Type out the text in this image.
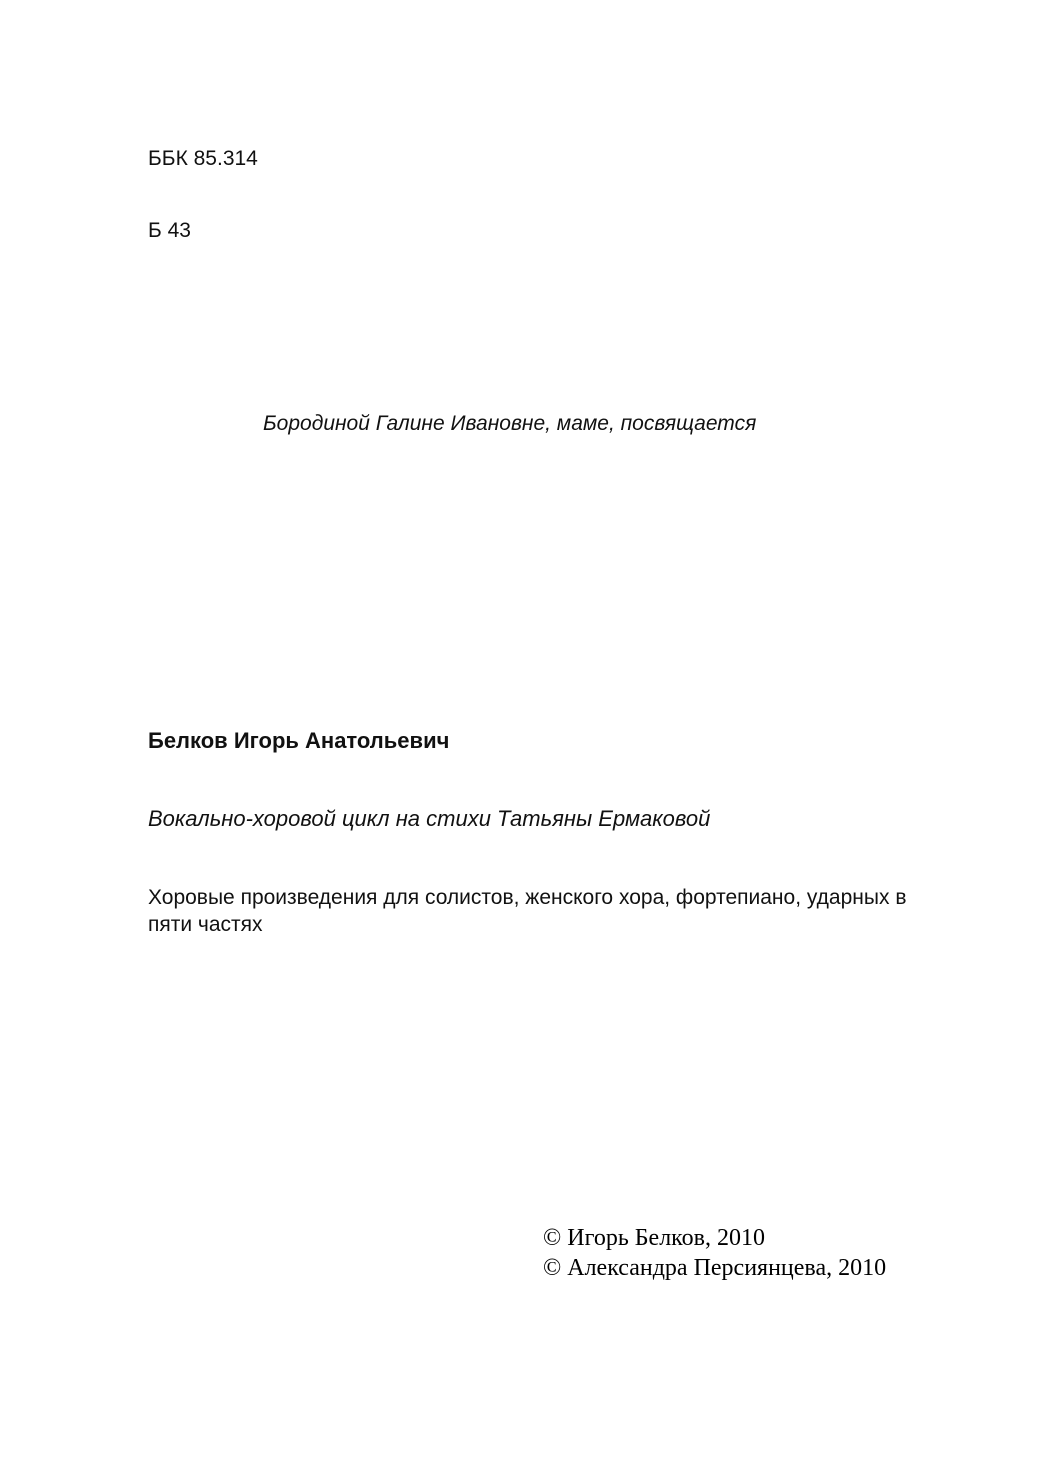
ББК 85.314

Б 43

Бородиной Галине Ивановне, маме, посвящается
Белков Игорь Анатольевич
Вокально-хоровой цикл на стихи Татьяны Ермаковой
Хоровые произведения для солистов, женского хора, фортепиано, ударных в пяти частях
© Игорь Белков, 2010
© Александра Персиянцева, 2010
